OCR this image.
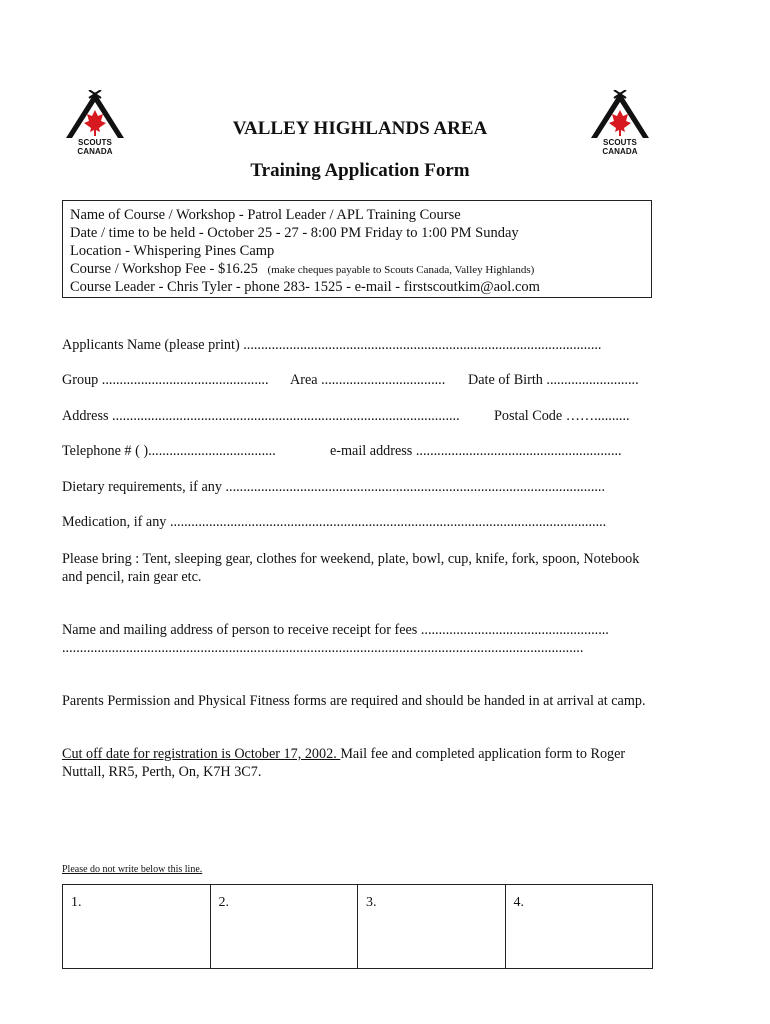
SCOUTS CANADA
SCOUTS CANADA
VALLEY HIGHLANDS AREA
Training Application Form
Name of Course / Workshop - Patrol Leader / APL Training Course
Date / time to be held - October 25 - 27 - 8:00 PM Friday to 1:00 PM Sunday
Location - Whispering Pines Camp
Course / Workshop Fee - $16.25 (make cheques payable to Scouts Canada, Valley Highlands)
Course Leader - Chris Tyler - phone 283- 1525 - e-mail - firstscoutkim@aol.com
Applicants Name (please print) .....................................................................................................
Group ............................................... Area ................................... Date of Birth ..........................
Address .................................................................................................. Postal Code ……..........
Telephone # ( )....................................	e-mail address ..........................................................
Dietary requirements, if any ...........................................................................................................
Medication, if any ...........................................................................................................................
Please bring : Tent, sleeping gear, clothes for weekend, plate, bowl, cup, knife, fork, spoon, Notebook
and pencil, rain gear etc.
Name and mailing address of person to receive receipt for fees .....................................................
...................................................................................................................................................
Parents Permission and Physical Fitness forms are required and should be handed in at arrival at camp.
Cut off date for registration is October 17, 2002. Mail fee and completed application form to Roger
Nuttall, RR5, Perth, On, K7H 3C7.
Please do not write below this line.
1.	2.	3.	4.
